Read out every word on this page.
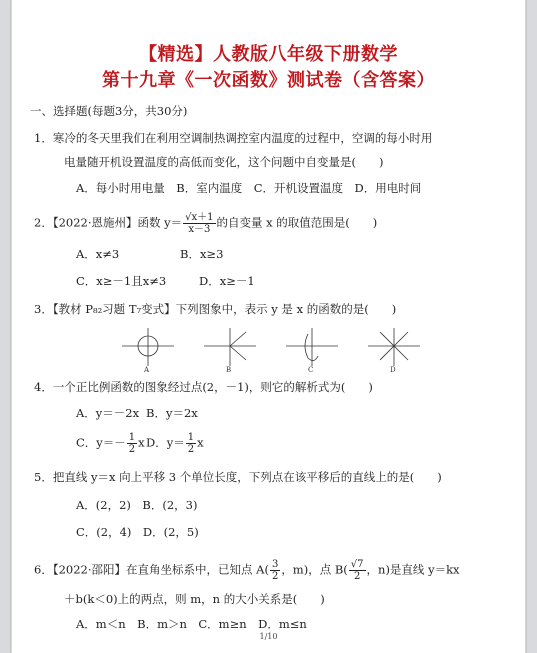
【精选】人教版八年级下册数学
第十九章《一次函数》测试卷（含答案）
一、选择题(每题3分，共30分)
1．寒冷的冬天里我们在利用空调制热调控室内温度的过程中，空调的每小时用
电量随开机设置温度的高低而变化，这个问题中自变量是(　　)
A．每小时用电量　B．室内温度　C．开机设置温度　D．用电时间
2．【2022·恩施州】函数 $y= \frac{√x+1}{x-3}$ 的自变量 x 的取值范围是(　　)
A．x≠3	B．x≥3
C．x≥－1且x≠3	D．x≥－1
3．【教材 P₈₂习题 T₇变式】下列图象中，表示 y 是 x 的函数的是(　　)
A	B	C	D
4．一个正比例函数的图象经过点(2，－1)，则它的解析式为(　　)
A．y＝－2x B．y＝2x
C．$y=- \frac{1}{2}$ x D．$y= \frac{1}{2}$ x
5．把直线 y＝x 向上平移 3 个单位长度，下列点在该平移后的直线上的是(　　)
A．(2，2)　B．(2，3)
C．(2，4)　D．(2，5)
6．【2022·邵阳】在直角坐标系中，已知点 $A( \frac{3}{2}$ ，m)，点 $B( \frac{√7}{2}$ ，n)是直线 y＝kx
＋b(k＜0)上的两点，则 m，n 的大小关系是(　　)
A．m＜n　B．m＞n　C．m≥n　D．m≤n
1/10
